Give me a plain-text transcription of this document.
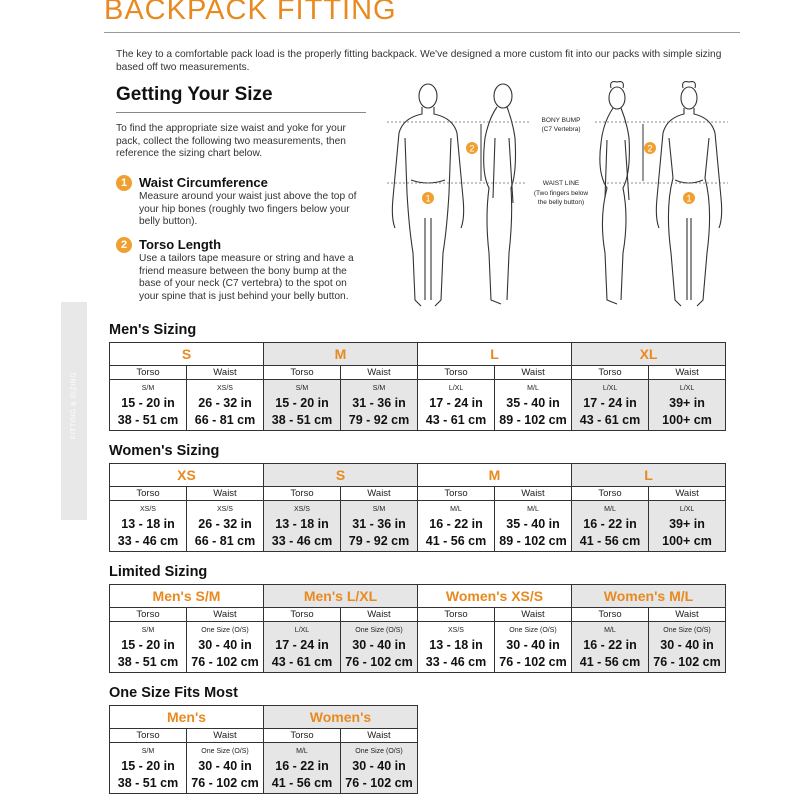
BACKPACK FITTING
The key to a comfortable pack load is the properly fitting backpack. We've designed a more custom fit into our packs with simple sizing based off two measurements.
Getting Your Size
To find the appropriate size waist and yoke for your pack, collect the following two measurements, then reference the sizing chart below.
1 Waist Circumference
Measure around your waist just above the top of your hip bones (roughly two fingers below your belly button).
2 Torso Length
Use a tailors tape measure or string and have a friend measure between the bony bump at the base of your neck (C7 vertebra) to the spot on your spine that is just behind your belly button.
2	2
1	1
BONY BUMP
(C7 Vertebra)
WAIST LINE
(Two fingers below
the belly button)
FITTING & SIZING
Men's Sizing
Women's Sizing
Limited Sizing
One Size Fits Most
S		M		L		XL	
Torso	Waist	Torso	Waist	Torso	Waist	Torso	Waist

S/M
15 - 20 in
38 - 51 cm	XS/S
26 - 32 in
66 - 81 cm	S/M
15 - 20 in
38 - 51 cm	S/M
31 - 36 in
79 - 92 cm	L/XL
17 - 24 in
43 - 61 cm	M/L
35 - 40 in
89 - 102 cm	L/XL
17 - 24 in
43 - 61 cm	L/XL
39+ in
100+ cm
XS		S		M		L	
Torso	Waist	Torso	Waist	Torso	Waist	Torso	Waist

XS/S
13 - 18 in
33 - 46 cm	XS/S
26 - 32 in
66 - 81 cm	XS/S
13 - 18 in
33 - 46 cm	S/M
31 - 36 in
79 - 92 cm	M/L
16 - 22 in
41 - 56 cm	M/L
35 - 40 in
89 - 102 cm	M/L
16 - 22 in
41 - 56 cm	L/XL
39+ in
100+ cm
Men's S/M		Men's L/XL		Women's XS/S		Women's M/L	
Torso	Waist	Torso	Waist	Torso	Waist	Torso	Waist

S/M
15 - 20 in
38 - 51 cm	One Size (O/S)
30 - 40 in
76 - 102 cm	L/XL
17 - 24 in
43 - 61 cm	One Size (O/S)
30 - 40 in
76 - 102 cm	XS/S
13 - 18 in
33 - 46 cm	One Size (O/S)
30 - 40 in
76 - 102 cm	M/L
16 - 22 in
41 - 56 cm	One Size (O/S)
30 - 40 in
76 - 102 cm
Men's		Women's	
Torso	Waist	Torso	Waist

S/M
15 - 20 in
38 - 51 cm	One Size (O/S)
30 - 40 in
76 - 102 cm	M/L
16 - 22 in
41 - 56 cm	One Size (O/S)
30 - 40 in
76 - 102 cm
